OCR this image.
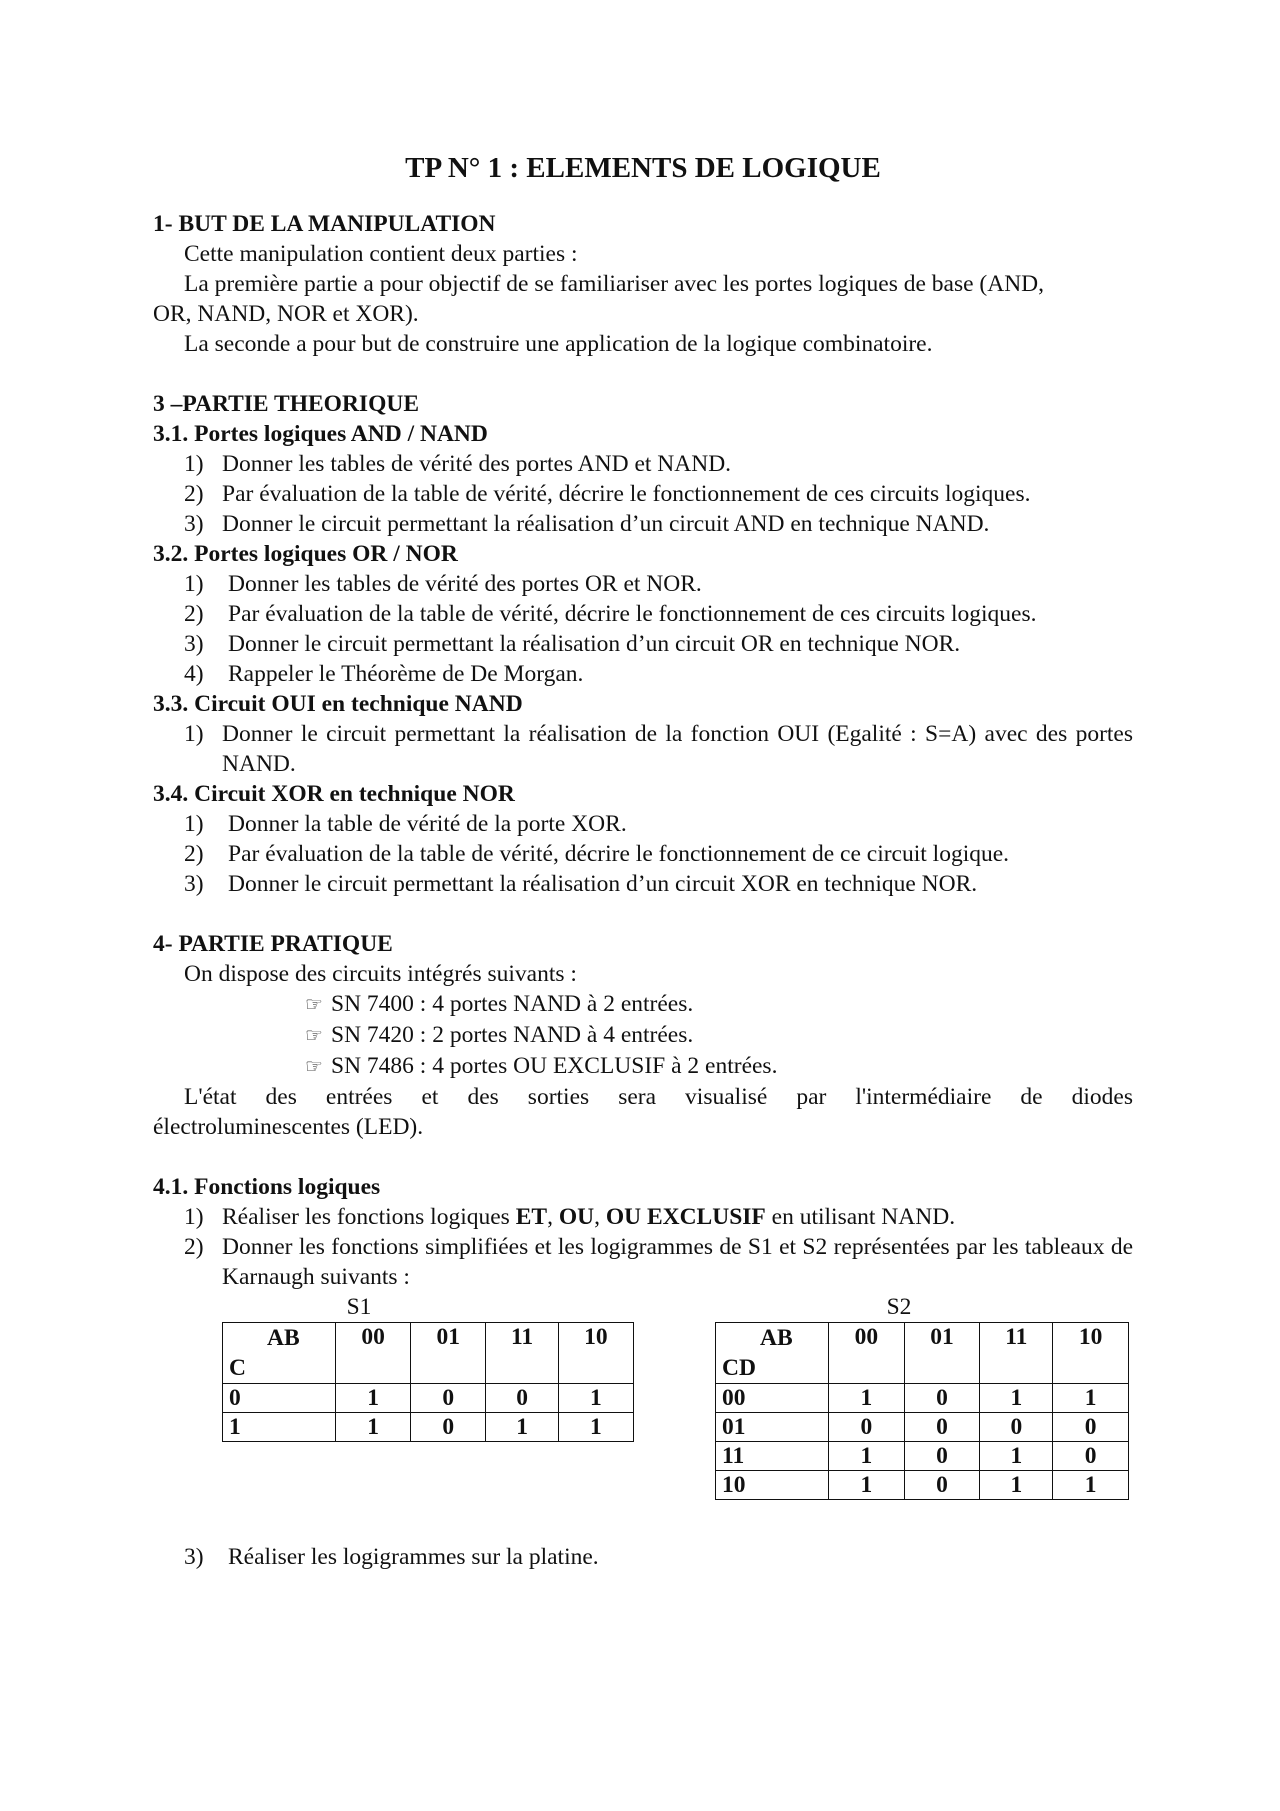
TP N° 1 : ELEMENTS DE LOGIQUE
1- BUT DE LA MANIPULATION

Cette manipulation contient deux parties :

La première partie a pour objectif de se familiariser avec les portes logiques de base (AND,

OR, NAND, NOR et XOR).

La seconde a pour but de construire une application de la logique combinatoire.

3 –PARTIE THEORIQUE
3.1. Portes logiques AND / NAND
1) Donner les tables de vérité des portes AND et NAND.
2) Par évaluation de la table de vérité, décrire le fonctionnement de ces circuits logiques.
3) Donner le circuit permettant la réalisation d’un circuit AND en technique NAND.
3.2. Portes logiques OR / NOR
1) Donner les tables de vérité des portes OR et NOR.
2) Par évaluation de la table de vérité, décrire le fonctionnement de ces circuits logiques.
3) Donner le circuit permettant la réalisation d’un circuit OR en technique NOR.
4) Rappeler le Théorème de De Morgan.
3.3. Circuit OUI en technique NAND
1) Donner le circuit permettant la réalisation de la fonction OUI (Egalité : S=A) avec des portes NAND.
3.4. Circuit XOR en technique NOR
1) Donner la table de vérité de la porte XOR.
2) Par évaluation de la table de vérité, décrire le fonctionnement de ce circuit logique.
3) Donner le circuit permettant la réalisation d’un circuit XOR en technique NOR.
4- PARTIE PRATIQUE

On dispose des circuits intégrés suivants :

☞ SN 7400 : 4 portes NAND à 2 entrées.
☞ SN 7420 : 2 portes NAND à 4 entrées.
☞ SN 7486 : 4 portes OU EXCLUSIF à 2 entrées.

L'état des entrées et des sorties sera visualisé par l'intermédiaire de diodes

électroluminescentes (LED).

4.1. Fonctions logiques
1) Réaliser les fonctions logiques ET, OU, OU EXCLUSIF en utilisant NAND.
2) Donner les fonctions simplifiées et les logigrammes de S1 et S2 représentées par les tableaux de Karnaugh suivants :
S1
AB
C	00	01	11	10
0	1	0	0	1
1	1	0	1	1
S2
AB
CD	00	01	11	10
00	1	0	1	1
01	0	0	0	0
11	1	0	1	0
10	1	0	1	1
3) Réaliser les logigrammes sur la platine.
